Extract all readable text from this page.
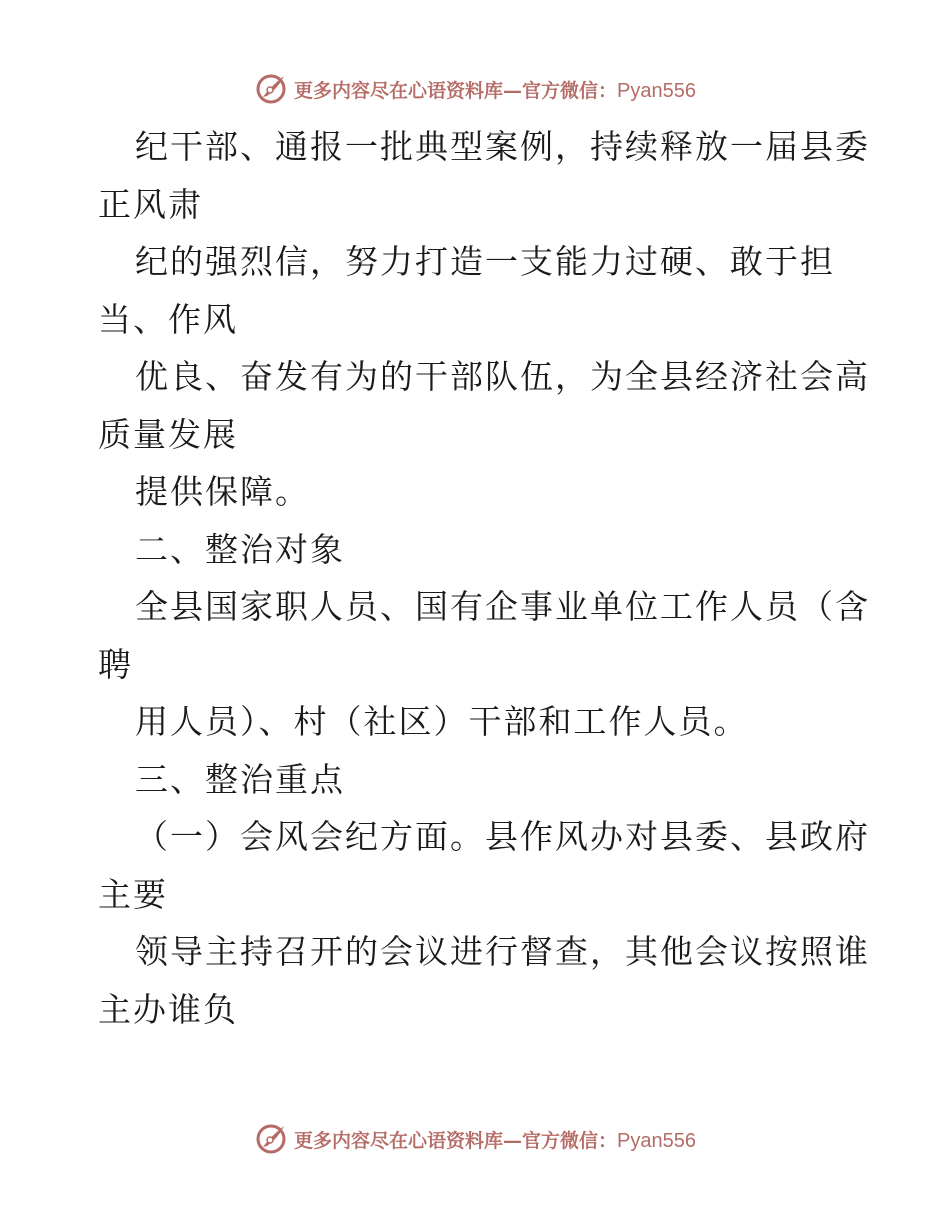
更多内容尽在心语资料库—官方微信：Pyan556
纪干部、通报一批典型案例，持续释放一届县委
正风肃
纪的强烈信，努力打造一支能力过硬、敢于担
当、作风
优良、奋发有为的干部队伍，为全县经济社会高
质量发展
提供保障。
二、整治对象
全县国家职人员、国有企事业单位工作人员（含
聘
用人员）、村（社区）干部和工作人员。
三、整治重点
（一）会风会纪方面。县作风办对县委、县政府
主要
领导主持召开的会议进行督查，其他会议按照谁
主办谁负
更多内容尽在心语资料库—官方微信：Pyan556
